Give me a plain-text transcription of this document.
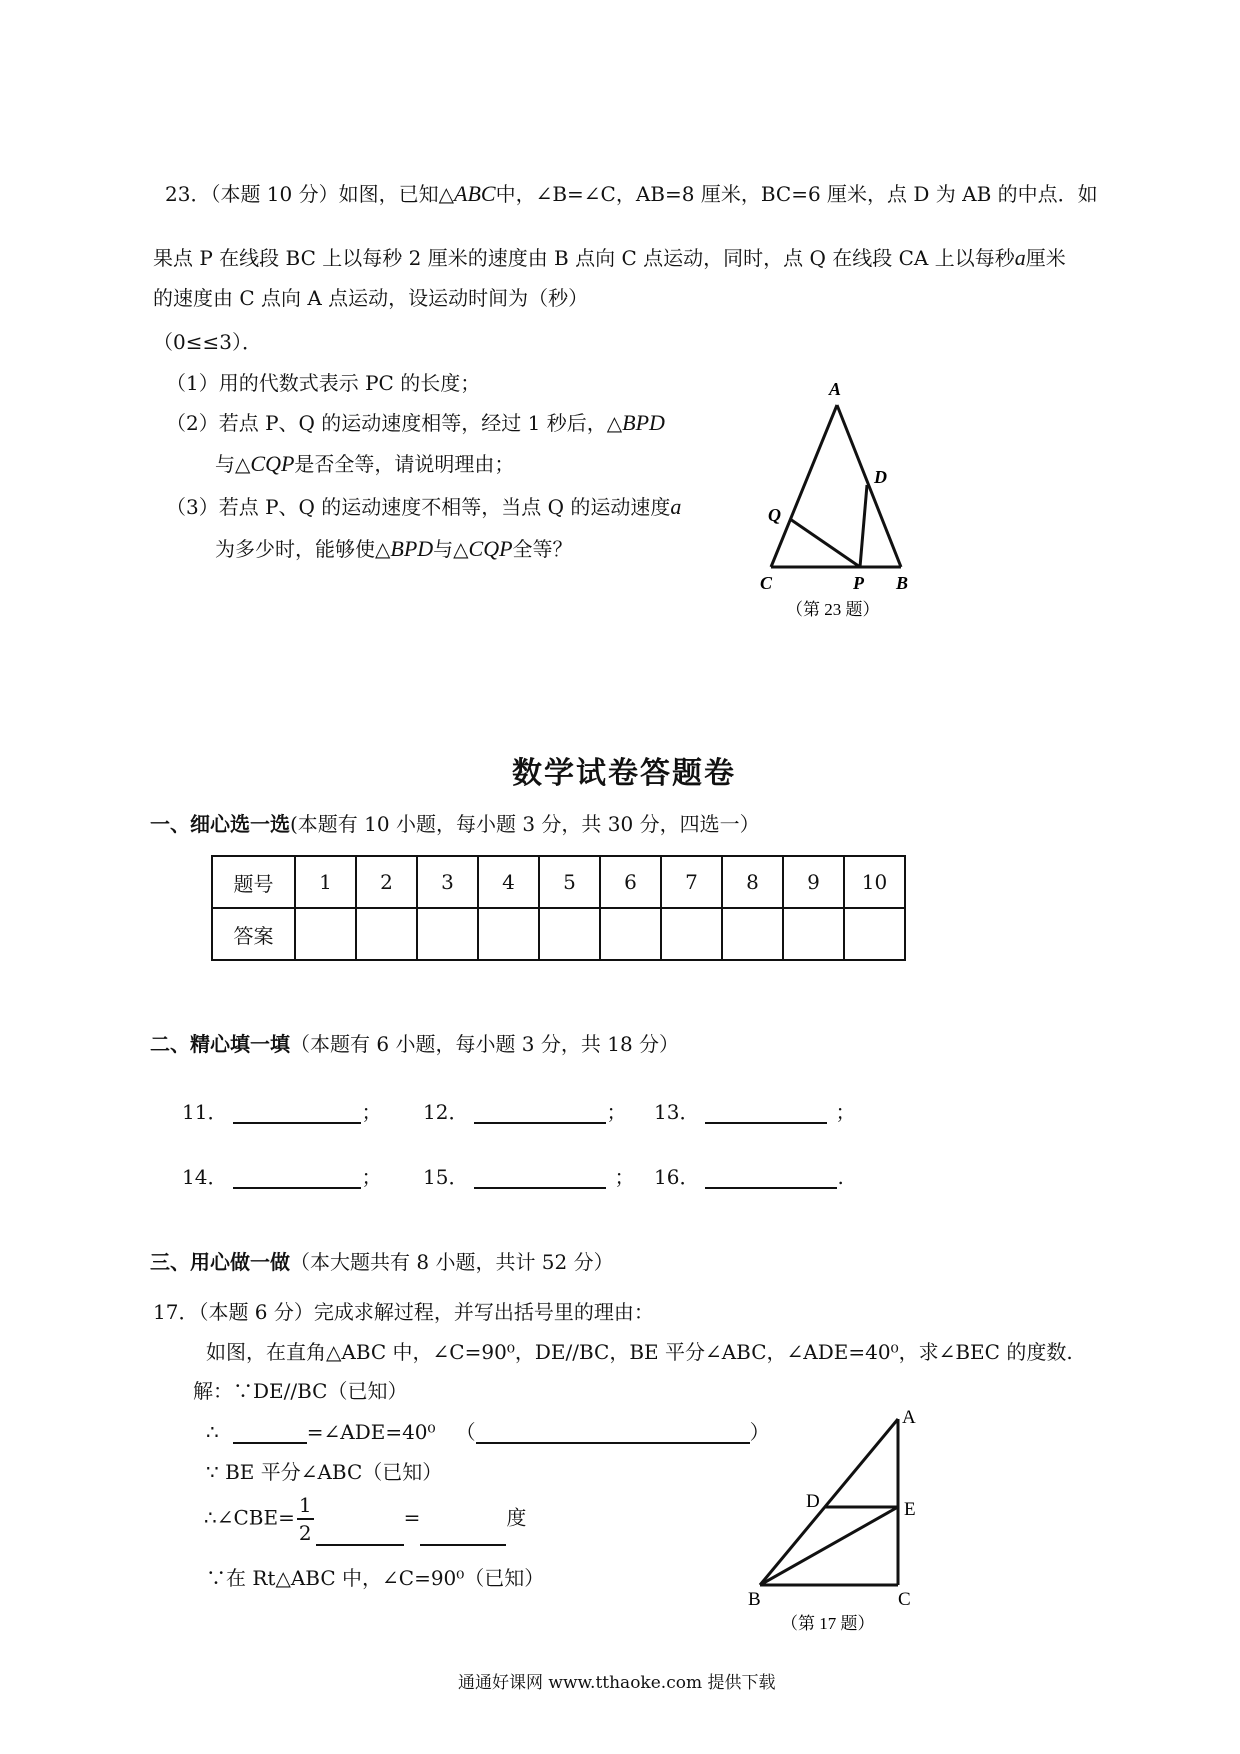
23．（本题 10 分）如图，已知△ABC中，∠B=∠C，AB=8 厘米，BC=6 厘米，点 D 为 AB 的中点．如
果点 P 在线段 BC 上以每秒 2 厘米的速度由 B 点向 C 点运动，同时，点 Q 在线段 CA 上以每秒a厘米
的速度由 C 点向 A 点运动，设运动时间为（秒）
（0≤≤3）．
（1）用的代数式表示 PC 的长度；
（2）若点 P、Q 的运动速度相等，经过 1 秒后，△BPD
与△CQP是否全等，请说明理由；
（3）若点 P、Q 的运动速度不相等，当点 Q 的运动速度a
为多少时，能够使△BPD与△CQP全等？
A
D
Q
C	P B
（第 23 题）
数学试卷答题卷
一、细心选一选(本题有 10 小题，每小题 3 分，共 30 分，四选一）
题号	1	2	3	4	5	6	7	8	9	10
答案										
二、精心填一填（本题有 6 小题，每小题 3 分，共 18 分）
11．	； 12．	； 13．	；
14．	； 15．	； 16．	.
三、用心做一做（本大题共有 8 小题，共计 52 分）
17．（本题 6 分）完成求解过程，并写出括号里的理由：
如图，在直角△ABC 中，∠C=90⁰，DE//BC，BE 平分∠ABC，∠ADE=40⁰，求∠BEC 的度数.
解：∵DE//BC（已知）
∴	=∠ADE=40⁰ （	）
∵ BE 平分∠ABC（已知）
∴∠CBE= $\frac{1}{2}$	=	度
∵在 Rt△ABC 中，∠C=90⁰（已知）
A
D	E
B	C
（第 17 题）
通通好课网 www.tthaoke.com 提供下载
